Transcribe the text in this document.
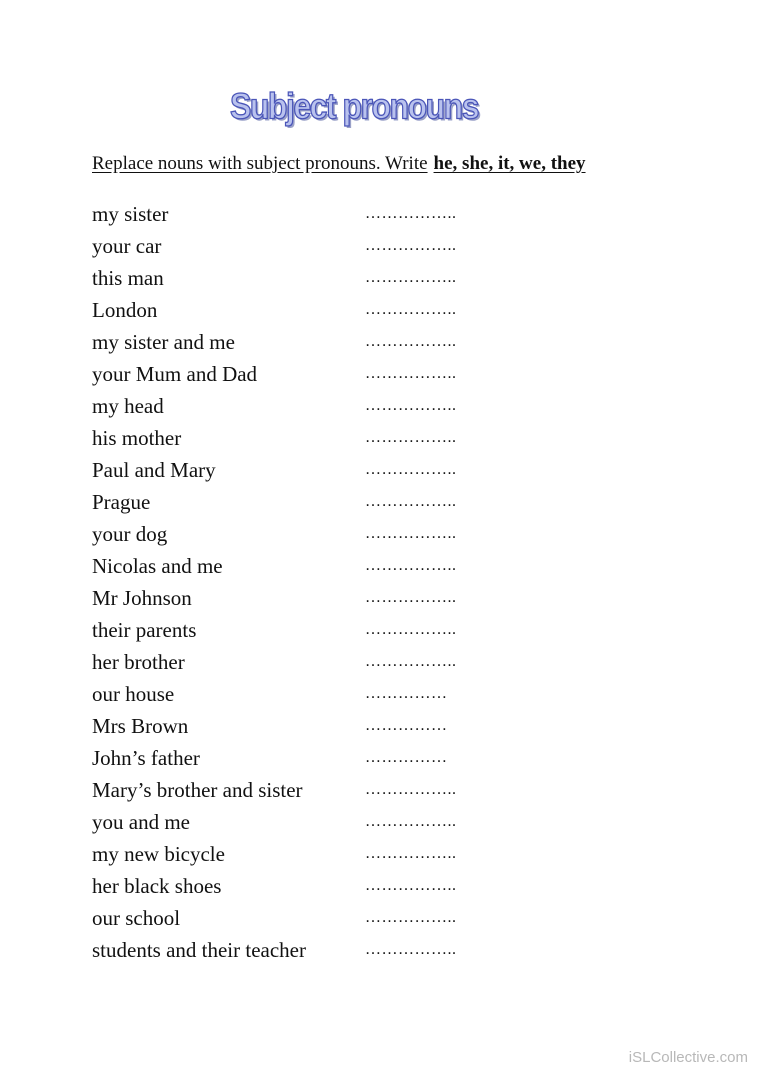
Subject pronouns
Replace nouns with subject pronouns. Write he, she, it, we, they
my sister	……………..
your car	……………..
this man	……………..
London	……………..
my sister and me	……………..
your Mum and Dad	……………..
my head	……………..
his mother	……………..
Paul and Mary	……………..
Prague	……………..
your dog	……………..
Nicolas and me	……………..
Mr Johnson	……………..
their parents	……………..
her brother	……………..
our house	……………
Mrs Brown	……………
John’s father	……………
Mary’s brother and sister	……………..
you and me	……………..
my new bicycle	……………..
her black shoes	……………..
our school	……………..
students and their teacher	……………..
iSLCollective.com
